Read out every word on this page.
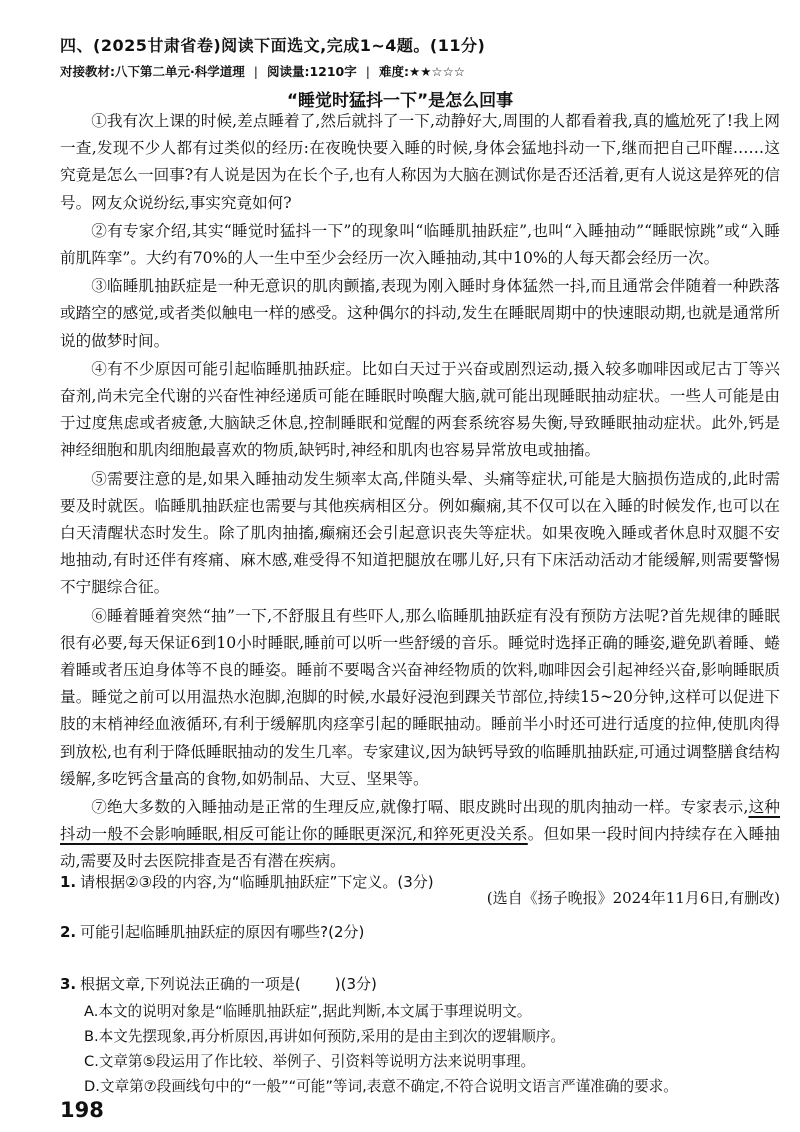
四、(2025甘肃省卷)阅读下面选文,完成1~4题。(11分)
对接教材:八下第二单元·科学道理 | 阅读量:1210字 | 难度:★★☆☆☆
“睡觉时猛抖一下”是怎么回事

①我有次上课的时候,差点睡着了,然后就抖了一下,动静好大,周围的人都看着我,真的尴尬死了!我上网一查,发现不少人都有过类似的经历:在夜晚快要入睡的时候,身体会猛地抖动一下,继而把自己吓醒……这究竟是怎么一回事?有人说是因为在长个子,也有人称因为大脑在测试你是否还活着,更有人说这是猝死的信号。网友众说纷纭,事实究竟如何?

②有专家介绍,其实“睡觉时猛抖一下”的现象叫“临睡肌抽跃症”,也叫“入睡抽动”“睡眠惊跳”或“入睡前肌阵挛”。大约有70%的人一生中至少会经历一次入睡抽动,其中10%的人每天都会经历一次。

③临睡肌抽跃症是一种无意识的肌肉颤搐,表现为刚入睡时身体猛然一抖,而且通常会伴随着一种跌落或踏空的感觉,或者类似触电一样的感受。这种偶尔的抖动,发生在睡眠周期中的快速眼动期,也就是通常所说的做梦时间。

④有不少原因可能引起临睡肌抽跃症。比如白天过于兴奋或剧烈运动,摄入较多咖啡因或尼古丁等兴奋剂,尚未完全代谢的兴奋性神经递质可能在睡眠时唤醒大脑,就可能出现睡眠抽动症状。一些人可能是由于过度焦虑或者疲惫,大脑缺乏休息,控制睡眠和觉醒的两套系统容易失衡,导致睡眠抽动症状。此外,钙是神经细胞和肌肉细胞最喜欢的物质,缺钙时,神经和肌肉也容易异常放电或抽搐。

⑤需要注意的是,如果入睡抽动发生频率太高,伴随头晕、头痛等症状,可能是大脑损伤造成的,此时需要及时就医。临睡肌抽跃症也需要与其他疾病相区分。例如癫痫,其不仅可以在入睡的时候发作,也可以在白天清醒状态时发生。除了肌肉抽搐,癫痫还会引起意识丧失等症状。如果夜晚入睡或者休息时双腿不安地抽动,有时还伴有疼痛、麻木感,难受得不知道把腿放在哪儿好,只有下床活动活动才能缓解,则需要警惕不宁腿综合征。

⑥睡着睡着突然“抽”一下,不舒服且有些吓人,那么临睡肌抽跃症有没有预防方法呢?首先规律的睡眠很有必要,每天保证6到10小时睡眠,睡前可以听一些舒缓的音乐。睡觉时选择正确的睡姿,避免趴着睡、蜷着睡或者压迫身体等不良的睡姿。睡前不要喝含兴奋神经物质的饮料,咖啡因会引起神经兴奋,影响睡眠质量。睡觉之前可以用温热水泡脚,泡脚的时候,水最好浸泡到踝关节部位,持续15~20分钟,这样可以促进下肢的末梢神经血液循环,有利于缓解肌肉痉挛引起的睡眠抽动。睡前半小时还可进行适度的拉伸,使肌肉得到放松,也有利于降低睡眠抽动的发生几率。专家建议,因为缺钙导致的临睡肌抽跃症,可通过调整膳食结构缓解,多吃钙含量高的食物,如奶制品、大豆、坚果等。

⑦绝大多数的入睡抽动是正常的生理反应,就像打嗝、眼皮跳时出现的肌肉抽动一样。专家表示,这种抖动一般不会影响睡眠,相反可能让你的睡眠更深沉,和猝死更没关系。但如果一段时间内持续存在入睡抽动,需要及时去医院排查是否有潜在疾病。

(选自《扬子晚报》2024年11月6日,有删改)

1. 请根据②③段的内容,为“临睡肌抽跃症”下定义。(3分)

2. 可能引起临睡肌抽跃症的原因有哪些?(2分)

3. 根据文章,下列说法正确的一项是( )(3分)

A.本文的说明对象是“临睡肌抽跃症”,据此判断,本文属于事理说明文。
B.本文先摆现象,再分析原因,再讲如何预防,采用的是由主到次的逻辑顺序。
C.文章第⑤段运用了作比较、举例子、引资料等说明方法来说明事理。
D.文章第⑦段画线句中的“一般”“可能”等词,表意不确定,不符合说明文语言严谨准确的要求。
198
